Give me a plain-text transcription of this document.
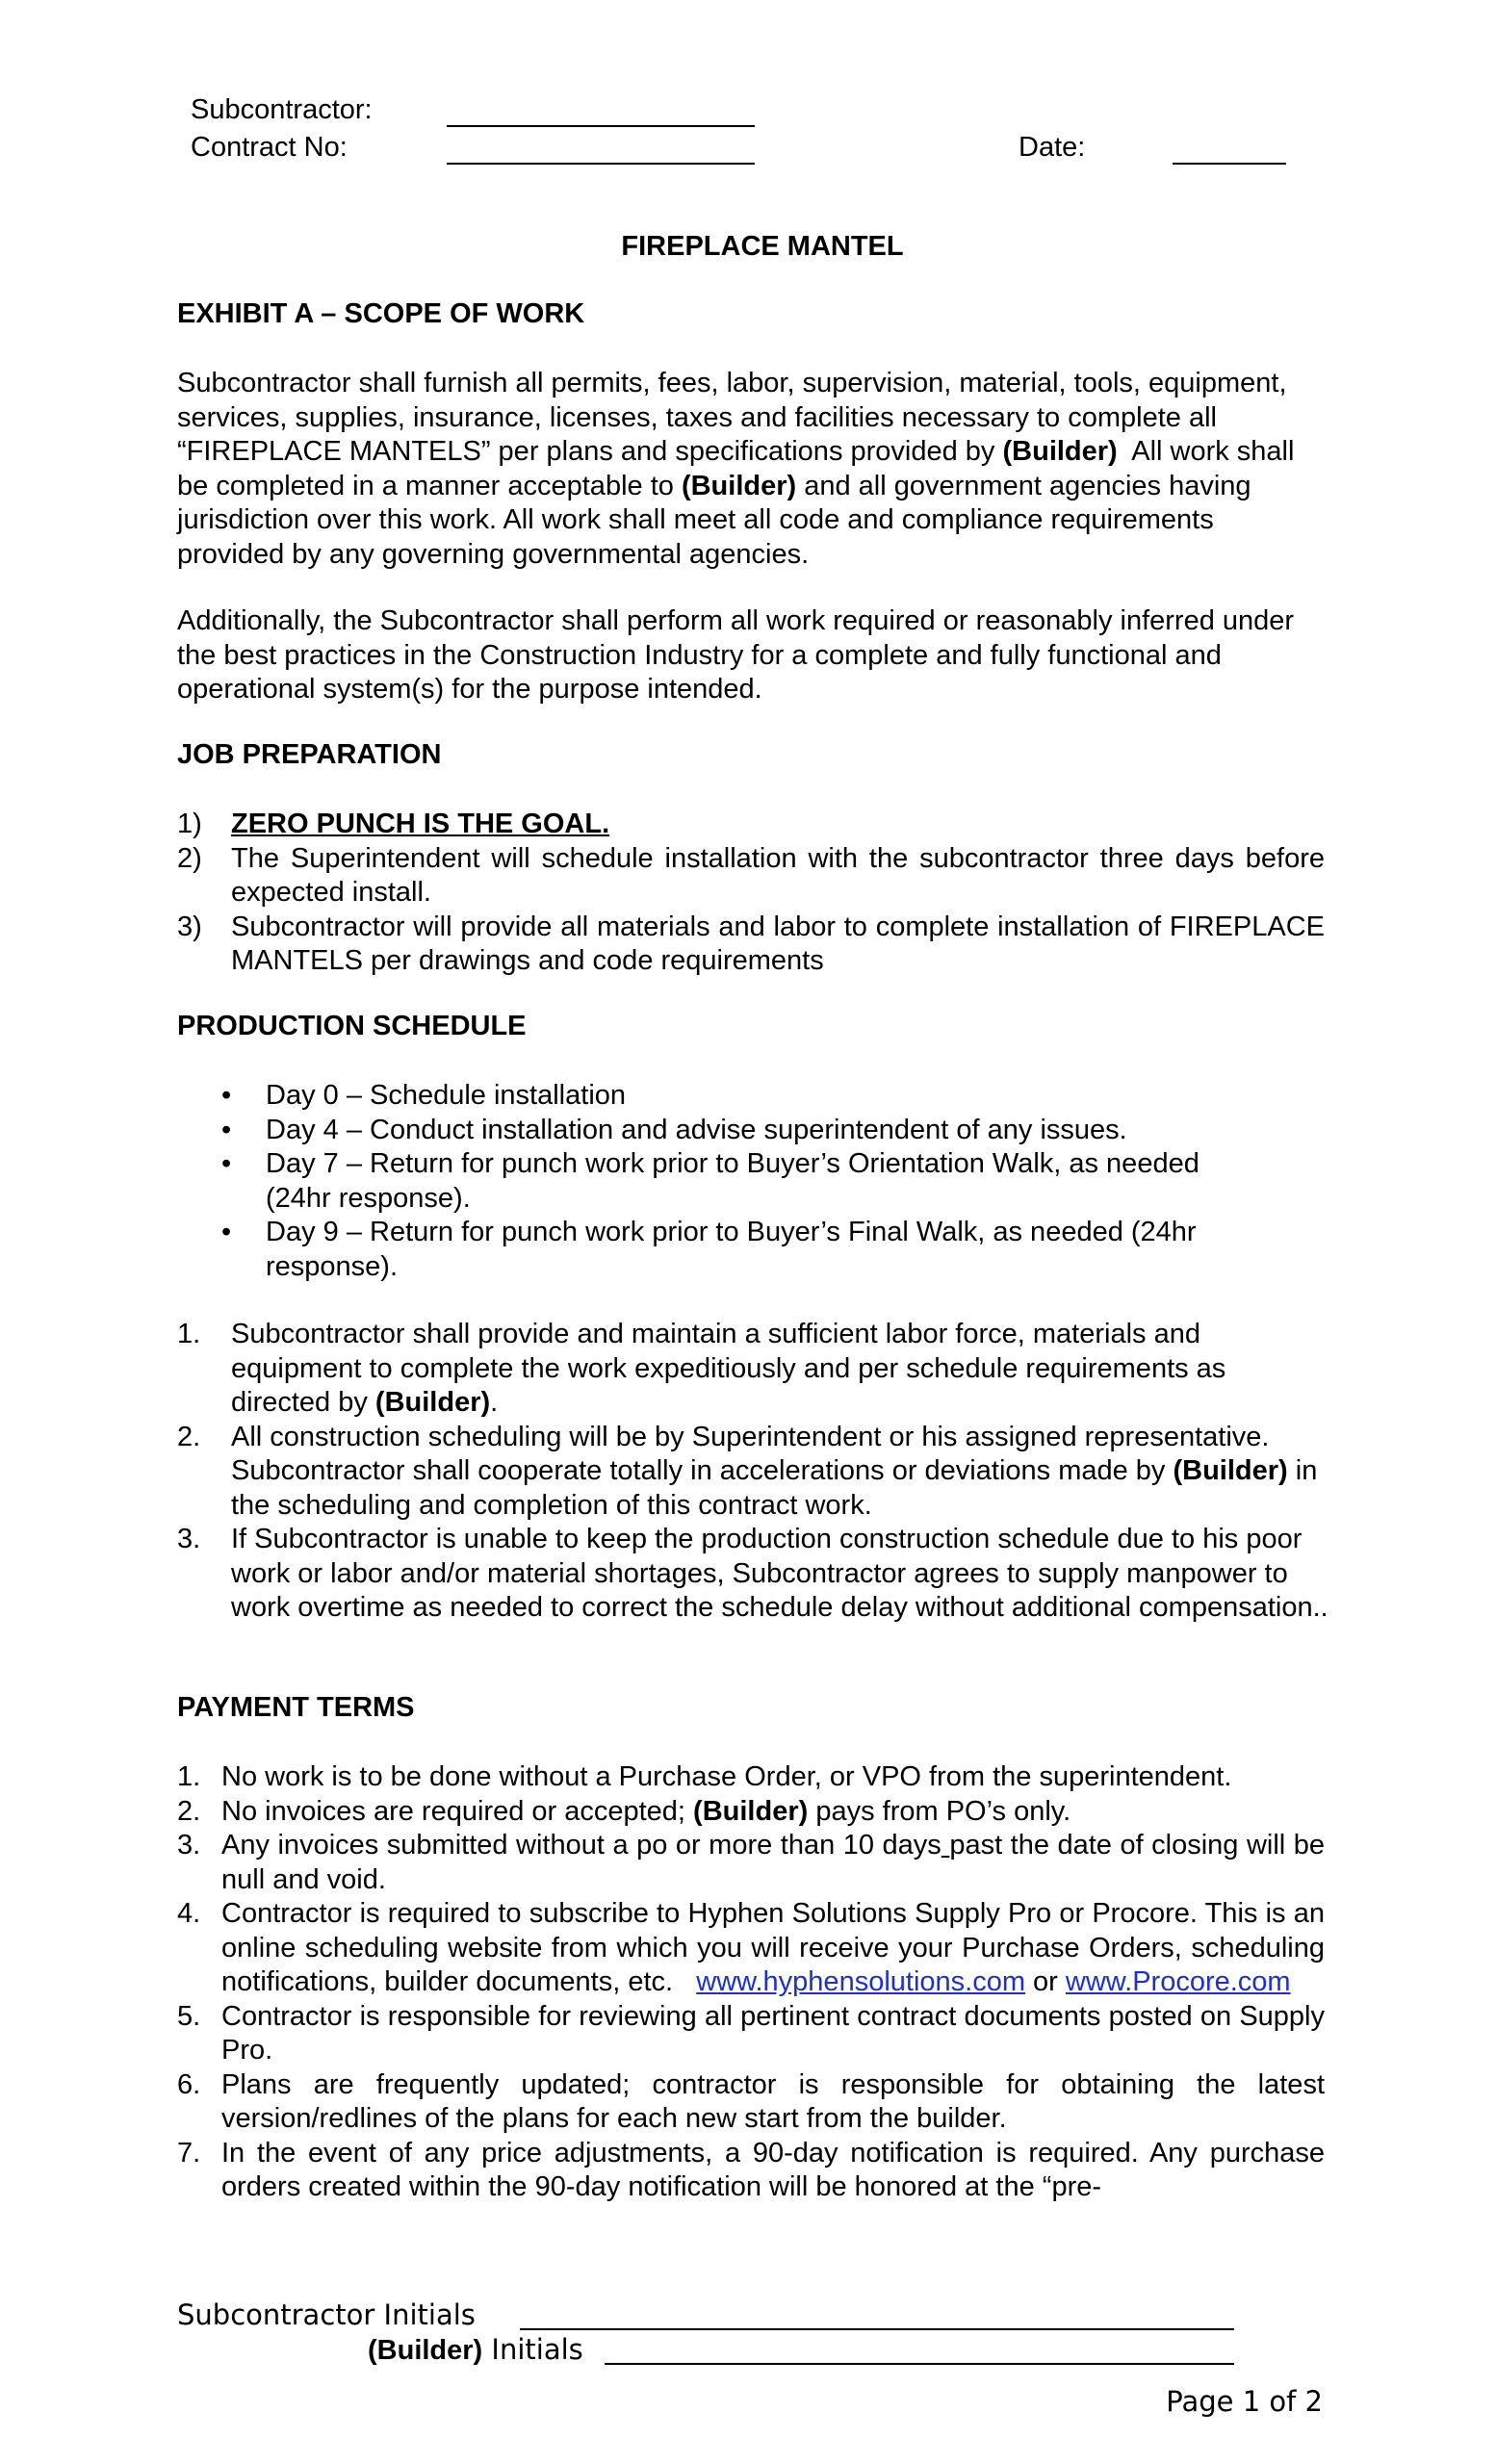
Subcontractor:
Contract No:	Date:
FIREPLACE MANTEL
EXHIBIT A – SCOPE OF WORK
Subcontractor shall furnish all permits, fees, labor, supervision, material, tools, equipment, services, supplies, insurance, licenses, taxes and facilities necessary to complete all “FIREPLACE MANTELS” per plans and specifications provided by (Builder)  All work shall be completed in a manner acceptable to (Builder) and all government agencies having jurisdiction over this work. All work shall meet all code and compliance requirements provided by any governing governmental agencies.
Additionally, the Subcontractor shall perform all work required or reasonably inferred under the best practices in the Construction Industry for a complete and fully functional and operational system(s) for the purpose intended.
JOB PREPARATION
1) ZERO PUNCH IS THE GOAL.
2) The Superintendent will schedule installation with the subcontractor three days before expected install.
3) Subcontractor will provide all materials and labor to complete installation of FIREPLACE MANTELS per drawings and code requirements
PRODUCTION SCHEDULE
• Day 0 – Schedule installation
• Day 4 – Conduct installation and advise superintendent of any issues.
• Day 7 – Return for punch work prior to Buyer’s Orientation Walk, as needed (24hr response).
• Day 9 – Return for punch work prior to Buyer’s Final Walk, as needed (24hr response).
1. Subcontractor shall provide and maintain a sufficient labor force, materials and equipment to complete the work expeditiously and per schedule requirements as directed by (Builder).
2. All construction scheduling will be by Superintendent or his assigned representative. Subcontractor shall cooperate totally in accelerations or deviations made by (Builder) in the scheduling and completion of this contract work.
3. If Subcontractor is unable to keep the production construction schedule due to his poor work or labor and/or material shortages, Subcontractor agrees to supply manpower to work overtime as needed to correct the schedule delay without additional compensation..
PAYMENT TERMS
1. No work is to be done without a Purchase Order, or VPO from the superintendent.
2. No invoices are required or accepted; (Builder) pays from PO’s only.
3. Any invoices submitted without a po or more than 10 days past the date of closing will be null and void.
4. Contractor is required to subscribe to Hyphen Solutions Supply Pro or Procore. This is an online scheduling website from which you will receive your Purchase Orders, scheduling notifications, builder documents, etc. www.hyphensolutions.com or www.Procore.com
5. Contractor is responsible for reviewing all pertinent contract documents posted on Supply Pro.
6. Plans are frequently updated; contractor is responsible for obtaining the latest version/redlines of the plans for each new start from the builder.
7. In the event of any price adjustments, a 90-day notification is required. Any purchase orders created within the 90-day notification will be honored at the “pre-
Subcontractor Initials
(Builder) Initials
Page 1 of 2
